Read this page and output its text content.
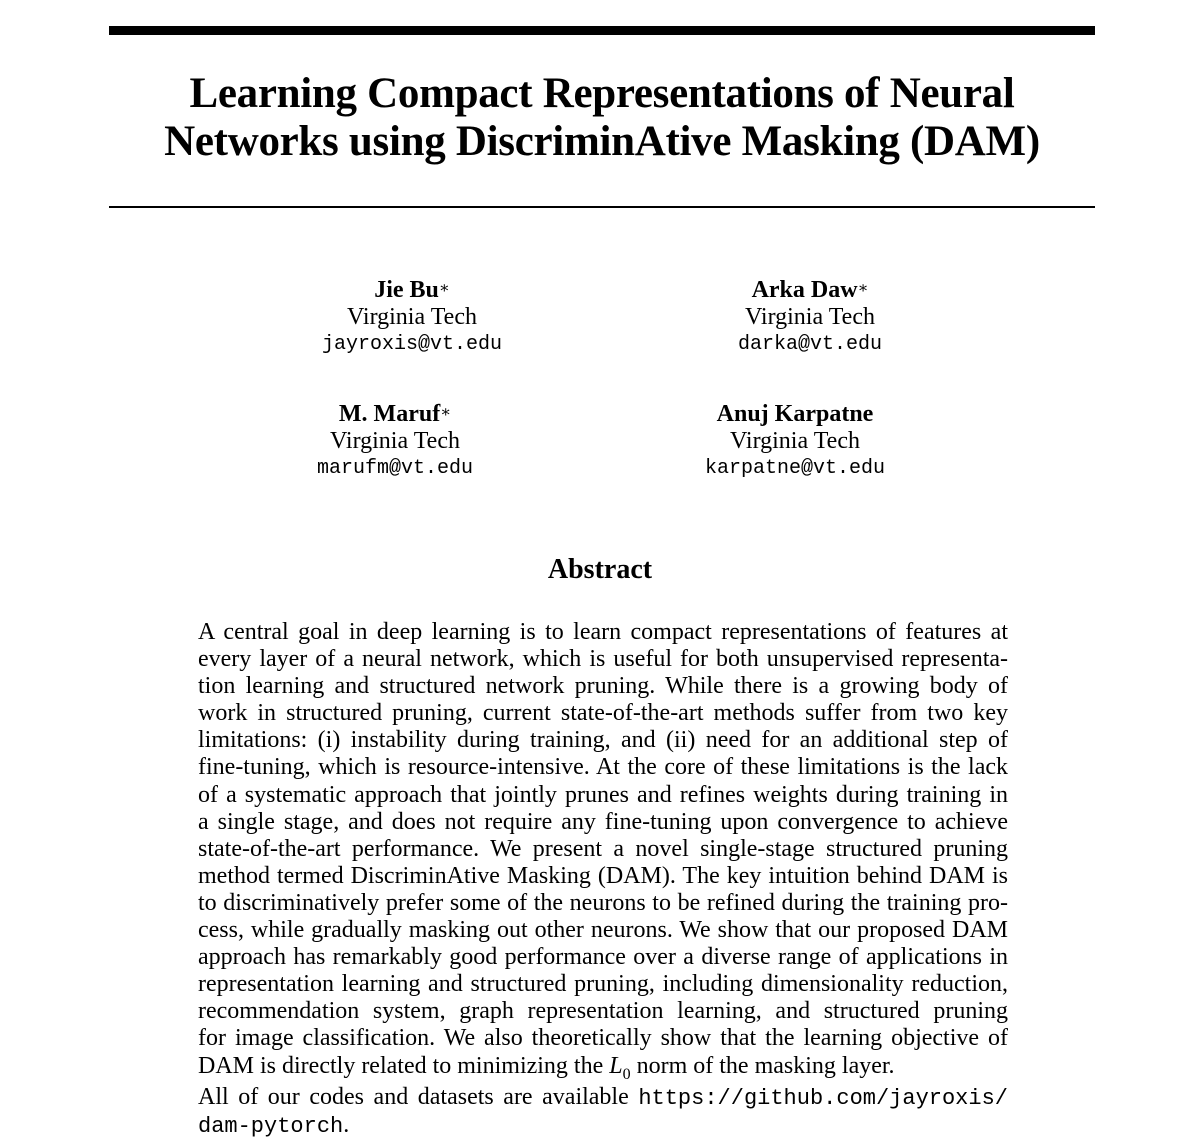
Learning Compact Representations of Neural
Networks using DiscriminAtive Masking (DAM)
Jie Bu∗
Virginia Tech
jayroxis@vt.edu
Arka Daw∗
Virginia Tech
darka@vt.edu
M. Maruf∗
Virginia Tech
marufm@vt.edu
Anuj Karpatne
Virginia Tech
karpatne@vt.edu
Abstract
A central goal in deep learning is to learn compact representations of features at
every layer of a neural network, which is useful for both unsupervised representa-
tion learning and structured network pruning. While there is a growing body of
work in structured pruning, current state-of-the-art methods suffer from two key
limitations: (i) instability during training, and (ii) need for an additional step of
fine-tuning, which is resource-intensive. At the core of these limitations is the lack
of a systematic approach that jointly prunes and refines weights during training in
a single stage, and does not require any fine-tuning upon convergence to achieve
state-of-the-art performance. We present a novel single-stage structured pruning
method termed DiscriminAtive Masking (DAM). The key intuition behind DAM is
to discriminatively prefer some of the neurons to be refined during the training pro-
cess, while gradually masking out other neurons. We show that our proposed DAM
approach has remarkably good performance over a diverse range of applications in
representation learning and structured pruning, including dimensionality reduction,
recommendation system, graph representation learning, and structured pruning
for image classification. We also theoretically show that the learning objective of
DAM is directly related to minimizing the $L_0$ norm of the masking layer.
All of our codes and datasets are available https://github.com/jayroxis/
dam-pytorch.
